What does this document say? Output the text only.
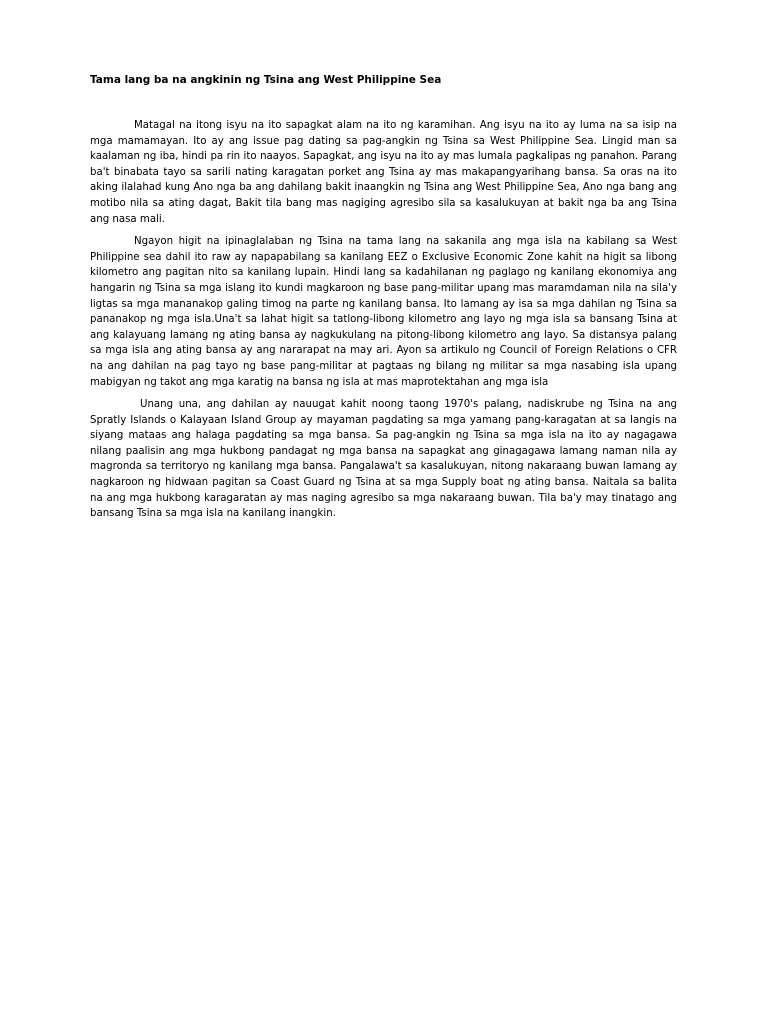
Tama lang ba na angkinin ng Tsina ang West Philippine Sea

Matagal na itong isyu na ito sapagkat alam na ito ng karamihan. Ang isyu na ito ay luma na sa isip na mga mamamayan. Ito ay ang issue pag dating sa pag-angkin ng Tsina sa West Philippine Sea. Lingid man sa kaalaman ng iba, hindi pa rin ito naayos. Sapagkat, ang isyu na ito ay mas lumala pagkalipas ng panahon. Parang ba't binabata tayo sa sarili nating karagatan porket ang Tsina ay mas makapangyarihang bansa. Sa oras na ito aking ilalahad kung Ano nga ba ang dahilang bakit inaangkin ng Tsina ang West Philippine Sea, Ano nga bang ang motibo nila sa ating dagat, Bakit tila bang mas nagiging agresibo sila sa kasalukuyan at bakit nga ba ang Tsina ang nasa mali.

Ngayon higit na ipinaglalaban ng Tsina na tama lang na sakanila ang mga isla na kabilang sa West Philippine sea dahil ito raw ay napapabilang sa kanilang EEZ o Exclusive Economic Zone kahit na higit sa libong kilometro ang pagitan nito sa kanilang lupain. Hindi lang sa kadahilanan ng paglago ng kanilang ekonomiya ang hangarin ng Tsina sa mga islang ito kundi magkaroon ng base pang-militar upang mas maramdaman nila na sila'y ligtas sa mga mananakop galing timog na parte ng kanilang bansa. Ito lamang ay isa sa mga dahilan ng Tsina sa pananakop ng mga isla.Una't sa lahat higit sa tatlong-libong kilometro ang layo ng mga isla sa bansang Tsina at ang kalayuang lamang ng ating bansa ay nagkukulang na pitong-libong kilometro ang layo. Sa distansya palang sa mga isla ang ating bansa ay ang nararapat na may ari. Ayon sa artikulo ng Council of Foreign Relations o CFR na ang dahilan na pag tayo ng base pang-militar at pagtaas ng bilang ng militar sa mga nasabing isla upang mabigyan ng takot ang mga karatig na bansa ng isla at mas maprotektahan ang mga isla

Unang una, ang dahilan ay nauugat kahit noong taong 1970's palang, nadiskrube ng Tsina na ang Spratly Islands o Kalayaan Island Group ay mayaman pagdating sa mga yamang pang-karagatan at sa langis na siyang mataas ang halaga pagdating sa mga bansa. Sa pag-angkin ng Tsina sa mga isla na ito ay nagagawa nilang paalisin ang mga hukbong pandagat ng mga bansa na sapagkat ang ginagagawa lamang naman nila ay magronda sa territoryo ng kanilang mga bansa. Pangalawa't sa kasalukuyan, nitong nakaraang buwan lamang ay nagkaroon ng hidwaan pagitan sa Coast Guard ng Tsina at sa mga Supply boat ng ating bansa. Naitala sa balita na ang mga hukbong karagaratan ay mas naging agresibo sa mga nakaraang buwan. Tila ba'y may tinatago ang bansang Tsina sa mga isla na kanilang inangkin.
